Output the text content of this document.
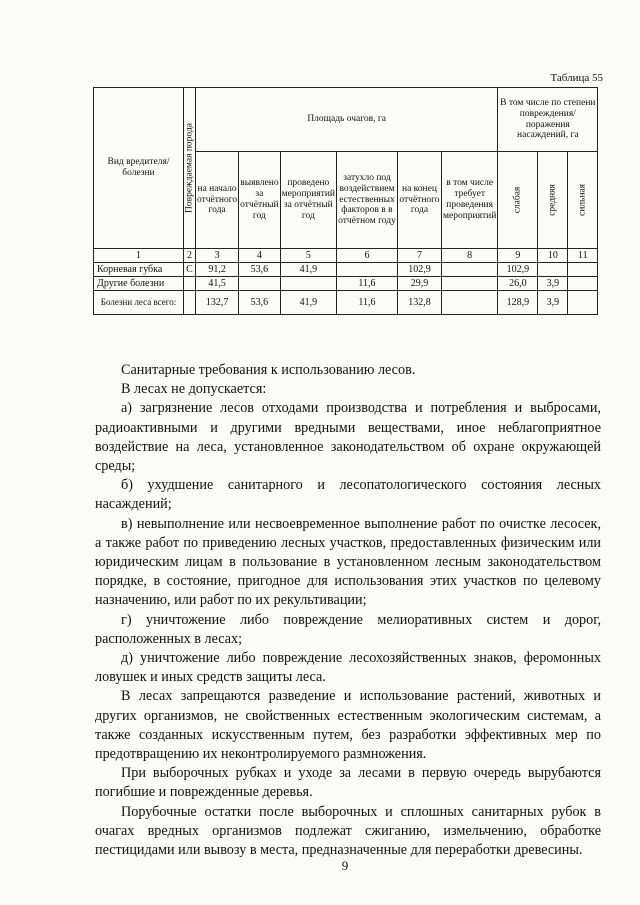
Таблица 55
Вид вредителя/болезни	Повреждаемая порода	Площадь очагов, га						В том числе по степени повреждения/поражения насаждений, га		
		на начало отчётного года	выявлено за отчётный год	проведено мероприятий за отчётный год	затухло под воздействием естественных факторов в в отчётном году	на конец отчётного года	в том числе требует проведения мероприятий	слабая	средняя	сильная

1	2	3	4	5	6	7	8	9	10	11
Корневая губка	С	91,2	53,6	41,9		102,9		102,9		
Другие болезни		41,5			11,6	29,9		26,0	3,9	
Болезни леса всего:		132,7	53,6	41,9	11,6	132,8		128,9	3,9	

Санитарные требования к использованию лесов.

В лесах не допускается:

а) загрязнение лесов отходами производства и потребления и выбросами, радиоактивными и другими вредными веществами, иное неблагоприятное воздействие на леса, установленное законодательством об охране окружающей среды;

б) ухудшение санитарного и лесопатологического состояния лесных насаждений;

в) невыполнение или несвоевременное выполнение работ по очистке лесосек, а также работ по приведению лесных участков, предоставленных физическим или юридическим лицам в пользование в установленном лесным законодательством порядке, в состояние, пригодное для использования этих участков по целевому назначению, или работ по их рекультивации;

г) уничтожение либо повреждение мелиоративных систем и дорог, расположенных в лесах;

д) уничтожение либо повреждение лесохозяйственных знаков, феромонных ловушек и иных средств защиты леса.

В лесах запрещаются разведение и использование растений, животных и других организмов, не свойственных естественным экологическим системам, а также созданных искусственным путем, без разработки эффективных мер по предотвращению их неконтролируемого размножения.

При выборочных рубках и уходе за лесами в первую очередь вырубаются погибшие и поврежденные деревья.

Порубочные остатки после выборочных и сплошных санитарных рубок в очагах вредных организмов подлежат сжиганию, измельчению, обработке пестицидами или вывозу в места, предназначенные для переработки древесины.

9
